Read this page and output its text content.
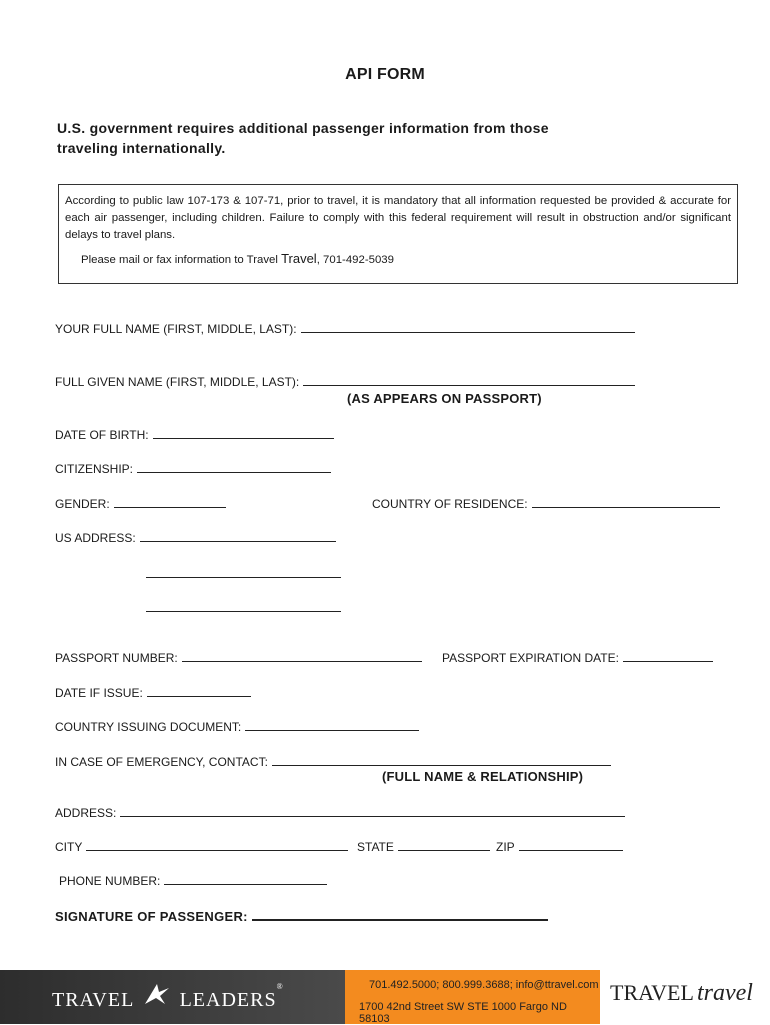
API FORM
U.S. government requires additional passenger information from those
traveling internationally.
According to public law 107-173 & 107-71, prior to travel, it is mandatory that all information requested be provided & accurate for each air passenger, including children. Failure to comply with this federal requirement will result in obstruction and/or significant delays to travel plans.
Please mail or fax information to Travel Travel, 701-492-5039
YOUR FULL NAME (FIRST, MIDDLE, LAST):
FULL GIVEN NAME (FIRST, MIDDLE, LAST):
(AS APPEARS ON PASSPORT)
DATE OF BIRTH:
CITIZENSHIP:
GENDER:	COUNTRY OF RESIDENCE:
US ADDRESS:
PASSPORT NUMBER:	PASSPORT EXPIRATION DATE:
DATE IF ISSUE:
COUNTRY ISSUING DOCUMENT:
IN CASE OF EMERGENCY, CONTACT:
(FULL NAME & RELATIONSHIP)
ADDRESS:
CITY	STATE	ZIP
PHONE NUMBER:
SIGNATURE OF PASSENGER:
TRAVEL LEADERS®	701.492.5000; 800.999.3688; info@ttravel.com
1700 42nd Street SW STE 1000 Fargo ND 58103
TRAVEL travel
